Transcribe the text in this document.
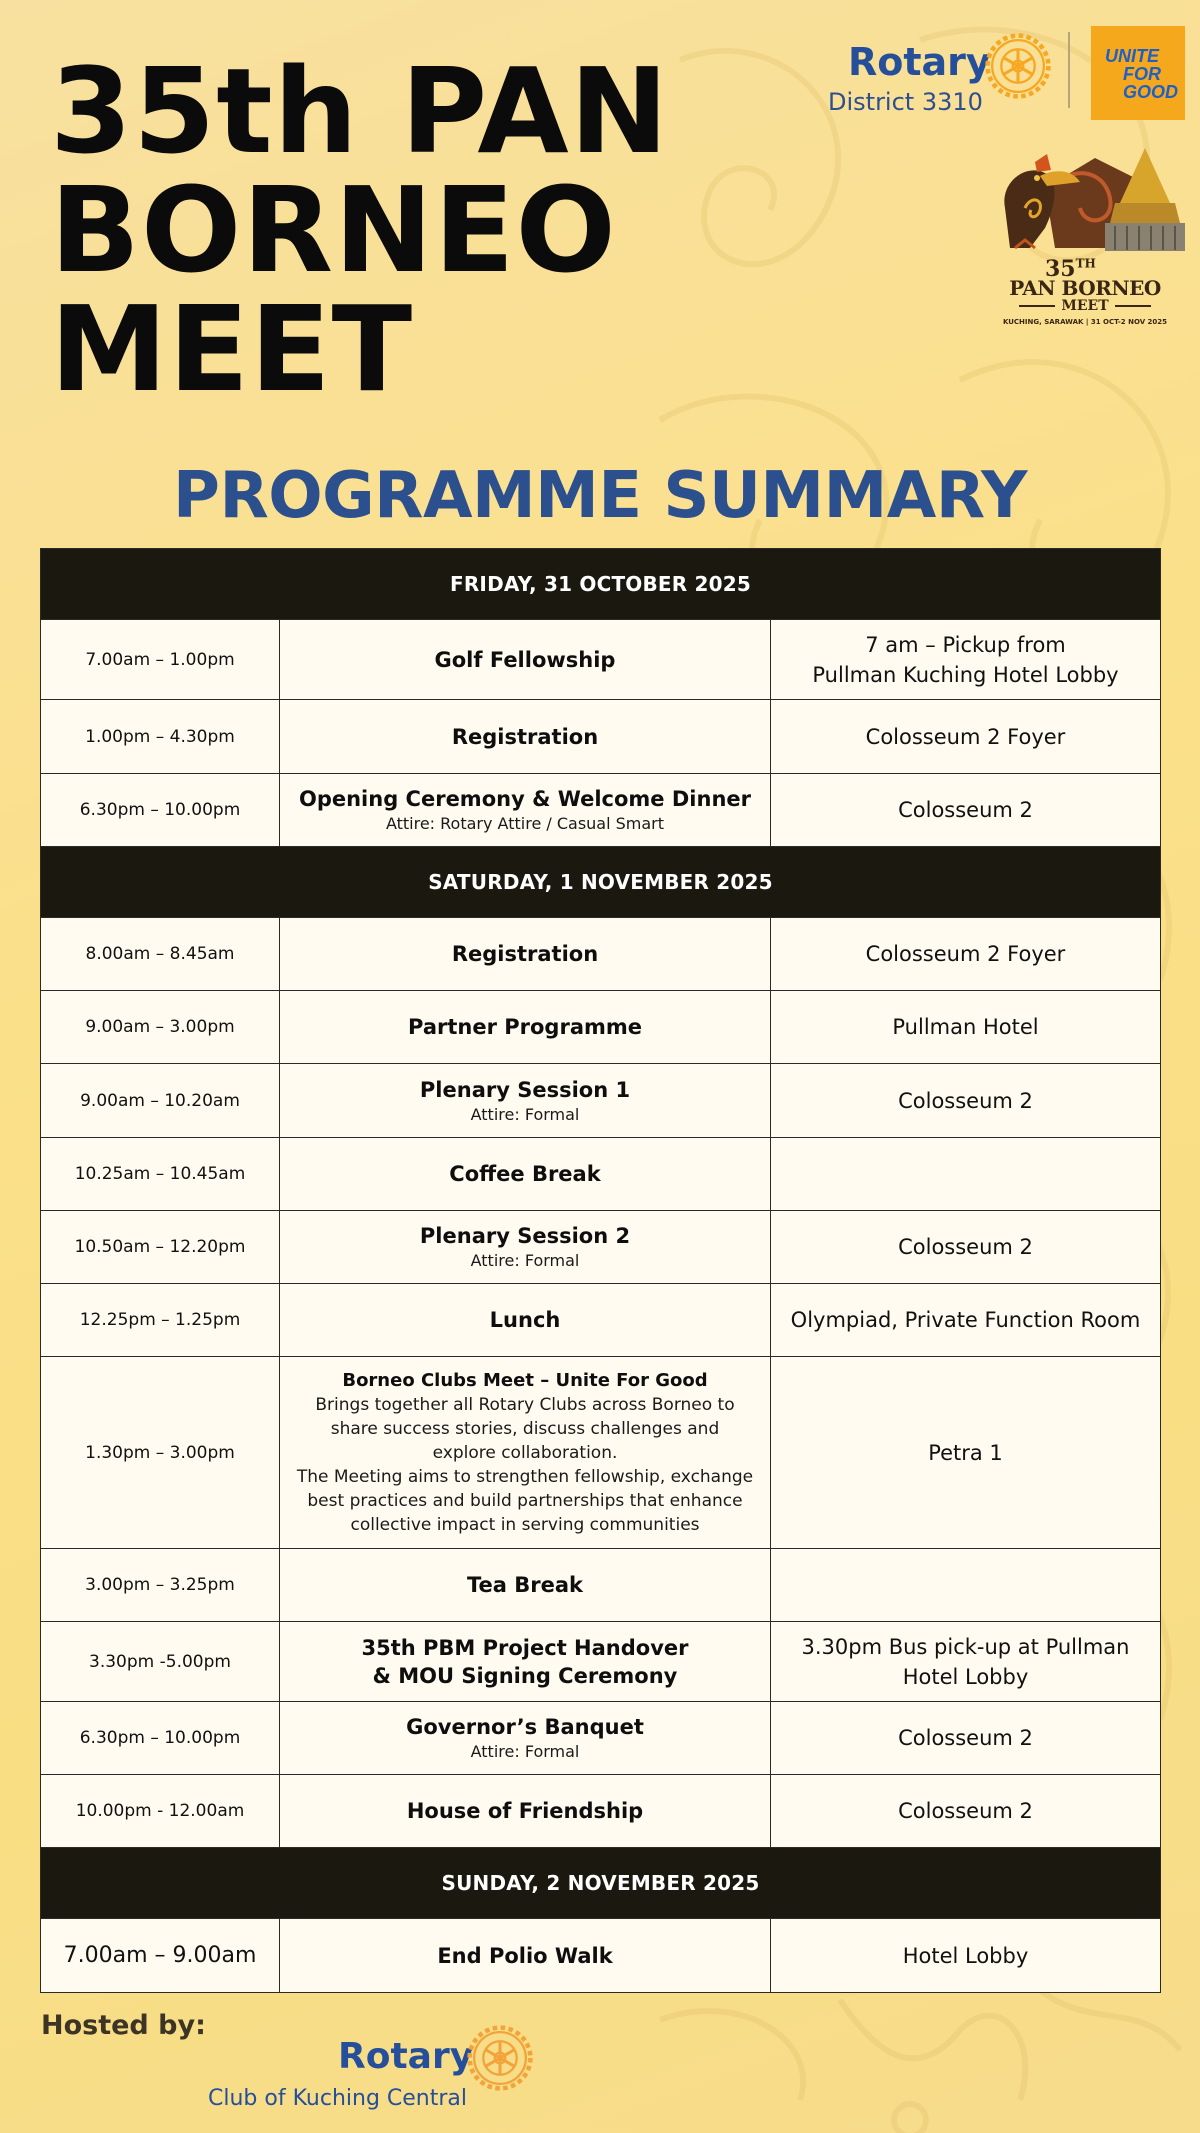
35th PAN
BORNEO
MEET
Rotary
District 3310
UNITE
FOR
GOOD
35TH
PAN BORNEO
MEET
KUCHING, SARAWAK | 31 OCT-2 NOV 2025
PROGRAMME SUMMARY
FRIDAY, 31 OCTOBER 2025		
7.00am – 1.00pm	Golf Fellowship	7 am – Pickup from
Pullman Kuching Hotel Lobby

1.00pm – 4.30pm	Registration	Colosseum 2 Foyer
6.30pm – 10.00pm	Opening Ceremony & Welcome Dinner
Attire: Rotary Attire / Casual Smart	Colosseum 2
SATURDAY, 1 NOVEMBER 2025		
8.00am – 8.45am	Registration	Colosseum 2 Foyer
9.00am – 3.00pm	Partner Programme	Pullman Hotel
9.00am – 10.20am	Plenary Session 1
Attire: Formal	Colosseum 2
10.25am – 10.45am	Coffee Break	

10.50am – 12.20pm	Plenary Session 2
Attire: Formal	Colosseum 2
12.25pm – 1.25pm	Lunch	Olympiad, Private Function Room
1.30pm – 3.00pm	
Borneo Clubs Meet – Unite For Good
Brings together all Rotary Clubs across Borneo to
share success stories, discuss challenges and
explore collaboration.
The Meeting aims to strengthen fellowship, exchange
best practices and build partnerships that enhance
collective impact in serving communities
	Petra 1
3.00pm – 3.25pm	Tea Break	

3.30pm -5.00pm	35th PBM Project Handover
& MOU Signing Ceremony	3.30pm Bus pick-up at Pullman
Hotel Lobby

6.30pm – 10.00pm	Governor’s Banquet
Attire: Formal	Colosseum 2
10.00pm - 12.00am	House of Friendship	Colosseum 2
SUNDAY, 2 NOVEMBER 2025		
7.00am – 9.00am	End Polio Walk	Hotel Lobby
Hosted by:
Rotary
Club of Kuching Central
